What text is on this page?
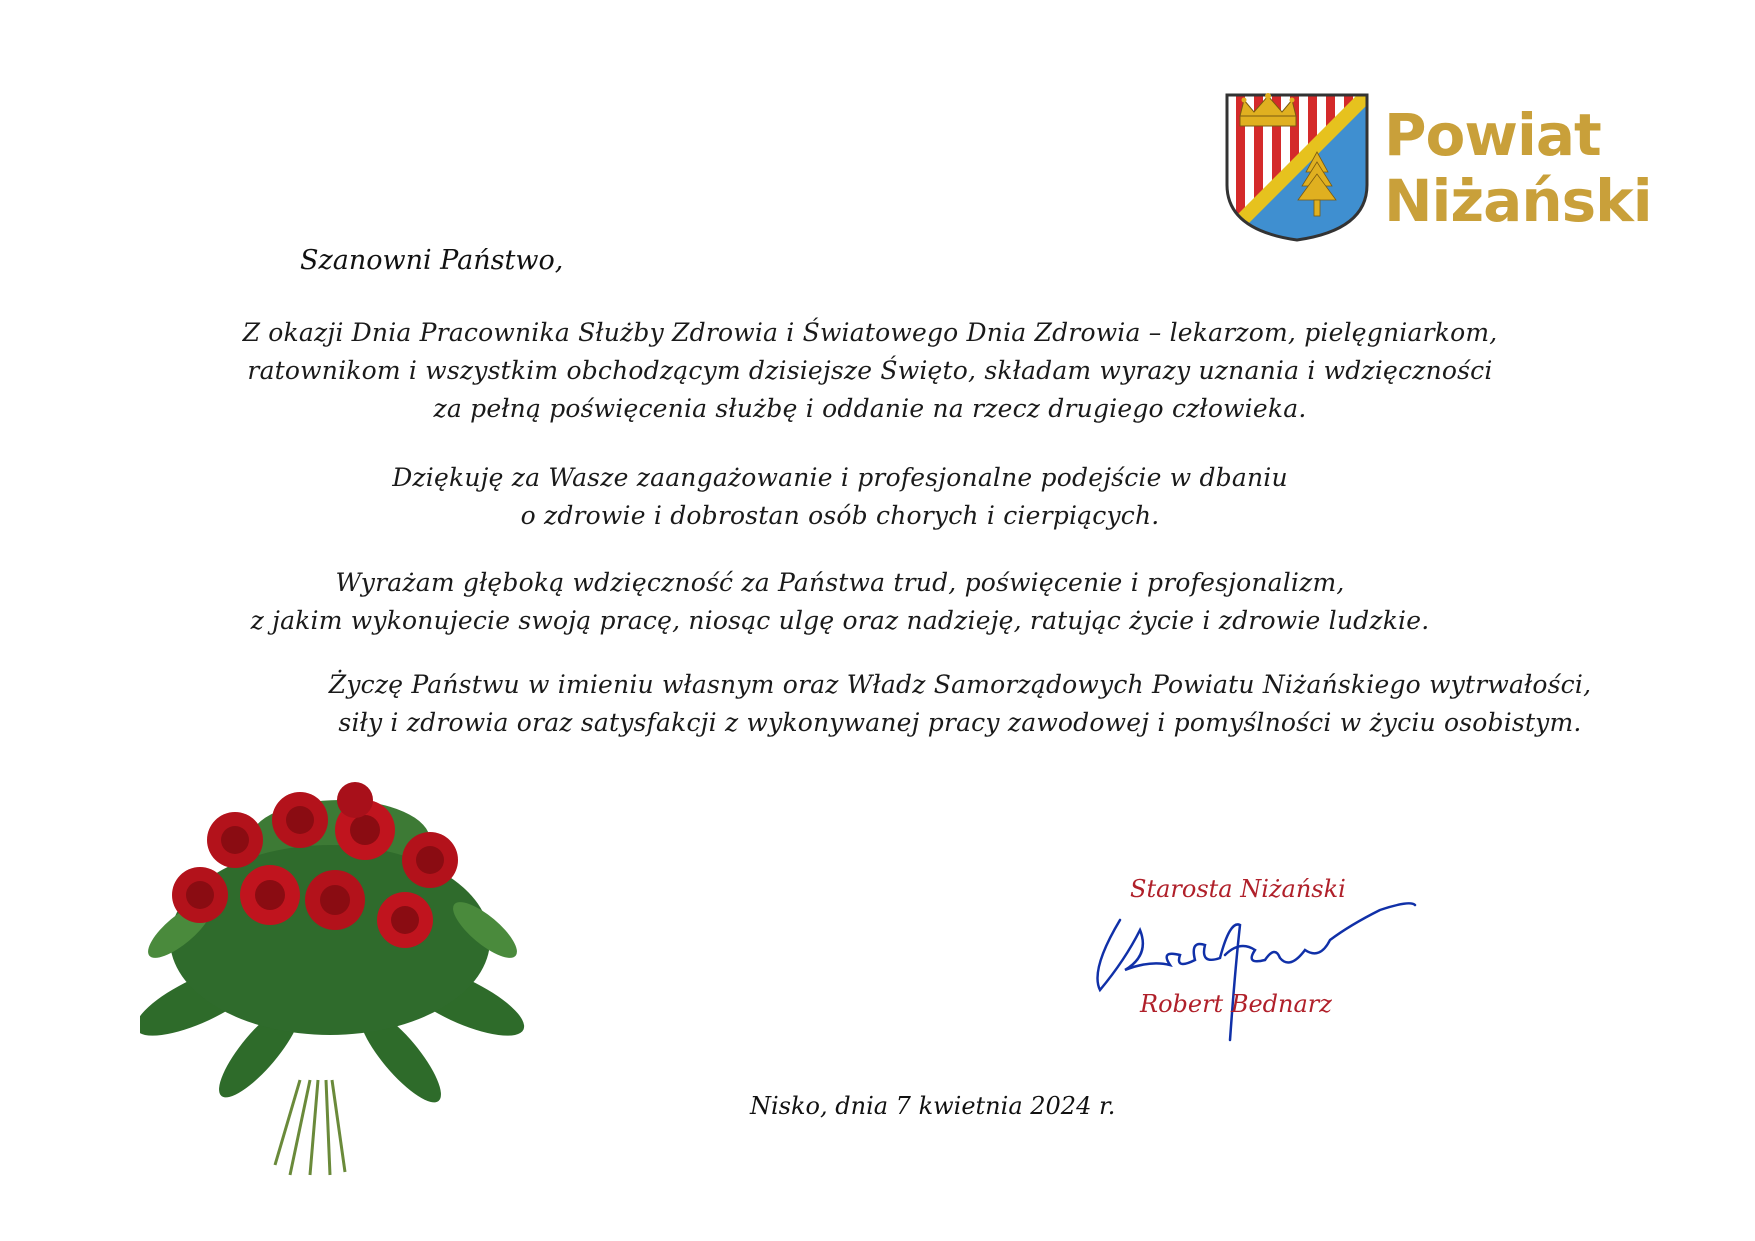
Powiat
Niżański
Szanowni Państwo,
Z okazji Dnia Pracownika Służby Zdrowia i Światowego Dnia Zdrowia – lekarzom, pielęgniarkom,
ratownikom i wszystkim obchodzącym dzisiejsze Święto, składam wyrazy uznania i wdzięczności
za pełną poświęcenia służbę i oddanie na rzecz drugiego człowieka.
Dziękuję za Wasze zaangażowanie i profesjonalne podejście w dbaniu
o zdrowie i dobrostan osób chorych i cierpiących.
Wyrażam głęboką wdzięczność za Państwa trud, poświęcenie i profesjonalizm,
z jakim wykonujecie swoją pracę, niosąc ulgę oraz nadzieję, ratując życie i zdrowie ludzkie.
Życzę Państwu w imieniu własnym oraz Władz Samorządowych Powiatu Niżańskiego wytrwałości,
siły i zdrowia oraz satysfakcji z wykonywanej pracy zawodowej i pomyślności w życiu osobistym.
Starosta Niżański
Robert Bednarz
Nisko, dnia 7 kwietnia 2024 r.
